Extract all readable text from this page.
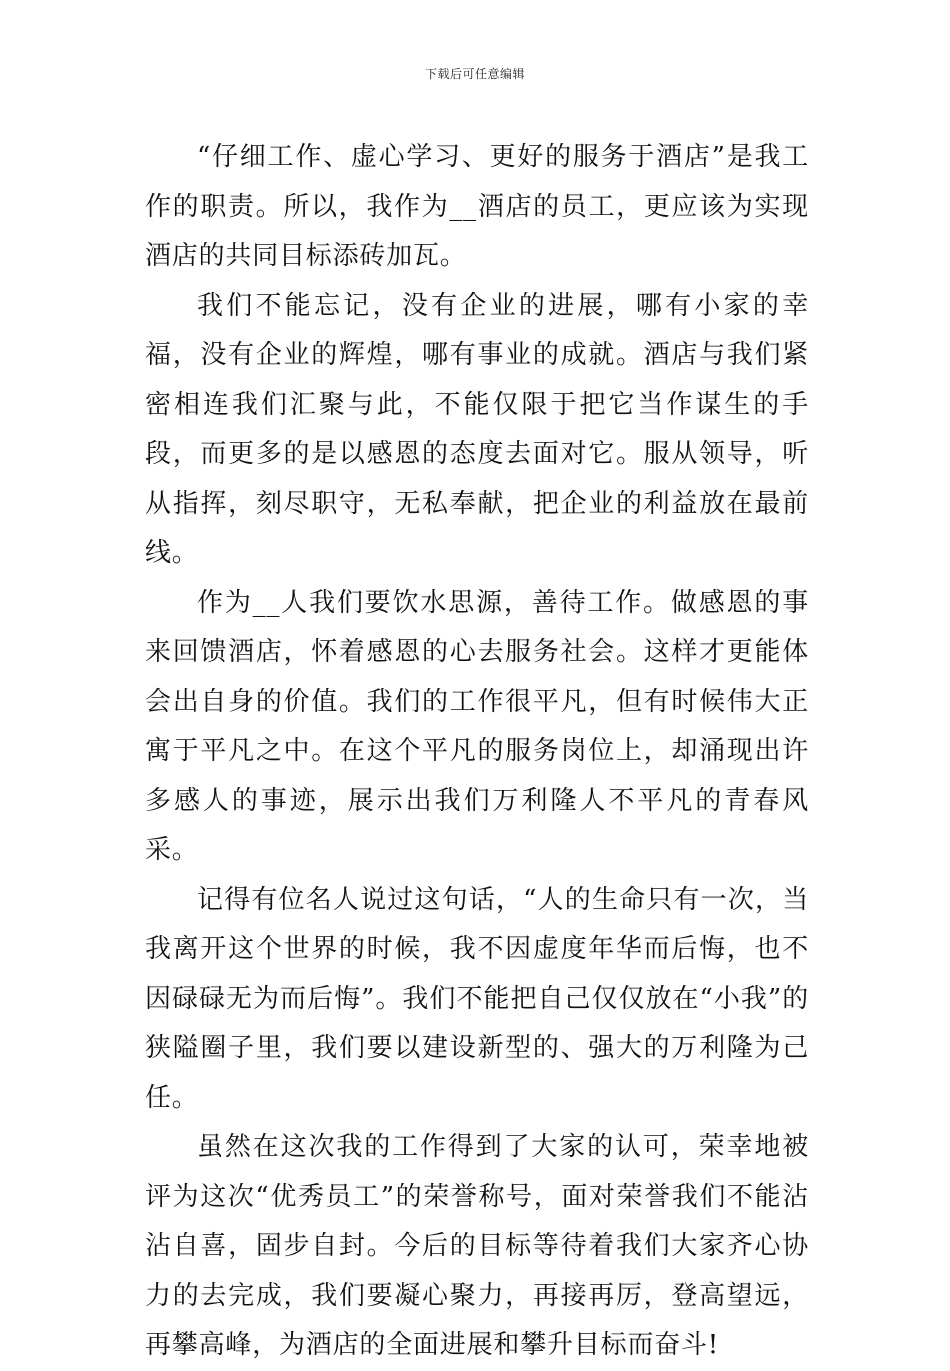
下载后可任意编辑

“仔细工作、虚心学习、更好的服务于酒店”是我工作的职责。所以，我作为__酒店的员工，更应该为实现酒店的共同目标添砖加瓦。

我们不能忘记，没有企业的进展，哪有小家的幸福，没有企业的辉煌，哪有事业的成就。酒店与我们紧密相连我们汇聚与此，不能仅限于把它当作谋生的手段，而更多的是以感恩的态度去面对它。服从领导，听从指挥，刻尽职守，无私奉献，把企业的利益放在最前线。

作为__人我们要饮水思源，善待工作。做感恩的事来回馈酒店，怀着感恩的心去服务社会。这样才更能体会出自身的价值。我们的工作很平凡，但有时候伟大正寓于平凡之中。在这个平凡的服务岗位上，却涌现出许多感人的事迹，展示出我们万利隆人不平凡的青春风采。

记得有位名人说过这句话，“人的生命只有一次，当我离开这个世界的时候，我不因虚度年华而后悔，也不因碌碌无为而后悔”。我们不能把自己仅仅放在“小我”的狭隘圈子里，我们要以建设新型的、强大的万利隆为己任。

虽然在这次我的工作得到了大家的认可，荣幸地被评为这次“优秀员工”的荣誉称号，面对荣誉我们不能沾沾自喜，固步自封。今后的目标等待着我们大家齐心协力的去完成，我们要凝心聚力，再接再厉，登高望远，再攀高峰，为酒店的全面进展和攀升目标而奋斗!
